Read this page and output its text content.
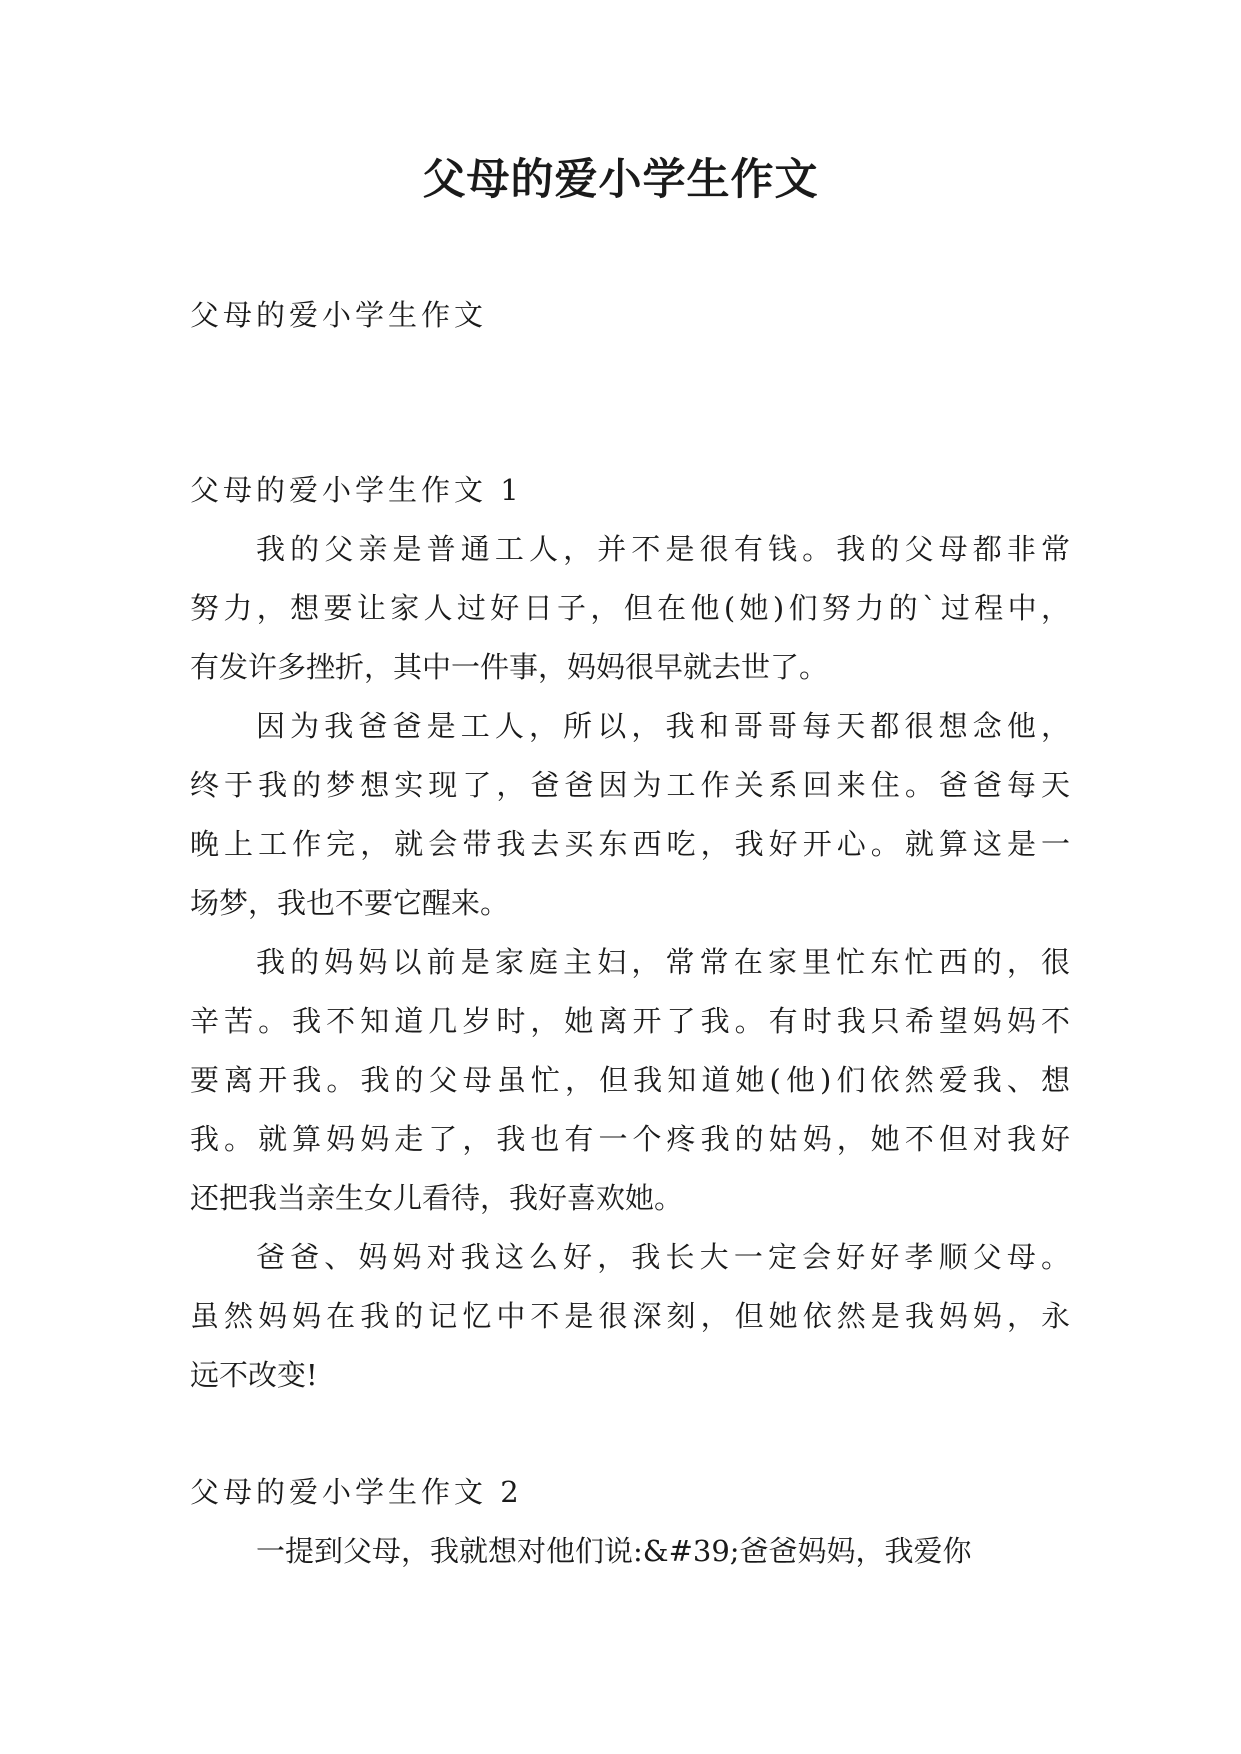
父母的爱小学生作文
父母的爱小学生作文
父母的爱小学生作文 1
我的父亲是普通工人，并不是很有钱。我的父母都非常
努力，想要让家人过好日子，但在他(她)们努力的`过程中，
有发许多挫折，其中一件事，妈妈很早就去世了。
因为我爸爸是工人，所以，我和哥哥每天都很想念他，
终于我的梦想实现了，爸爸因为工作关系回来住。爸爸每天
晚上工作完，就会带我去买东西吃，我好开心。就算这是一
场梦，我也不要它醒来。
我的妈妈以前是家庭主妇，常常在家里忙东忙西的，很
辛苦。我不知道几岁时，她离开了我。有时我只希望妈妈不
要离开我。我的父母虽忙，但我知道她(他)们依然爱我、想
我。就算妈妈走了，我也有一个疼我的姑妈，她不但对我好
还把我当亲生女儿看待，我好喜欢她。
爸爸、妈妈对我这么好，我长大一定会好好孝顺父母。
虽然妈妈在我的记忆中不是很深刻，但她依然是我妈妈，永
远不改变!
父母的爱小学生作文 2
一提到父母，我就想对他们说:&#39;爸爸妈妈，我爱你
